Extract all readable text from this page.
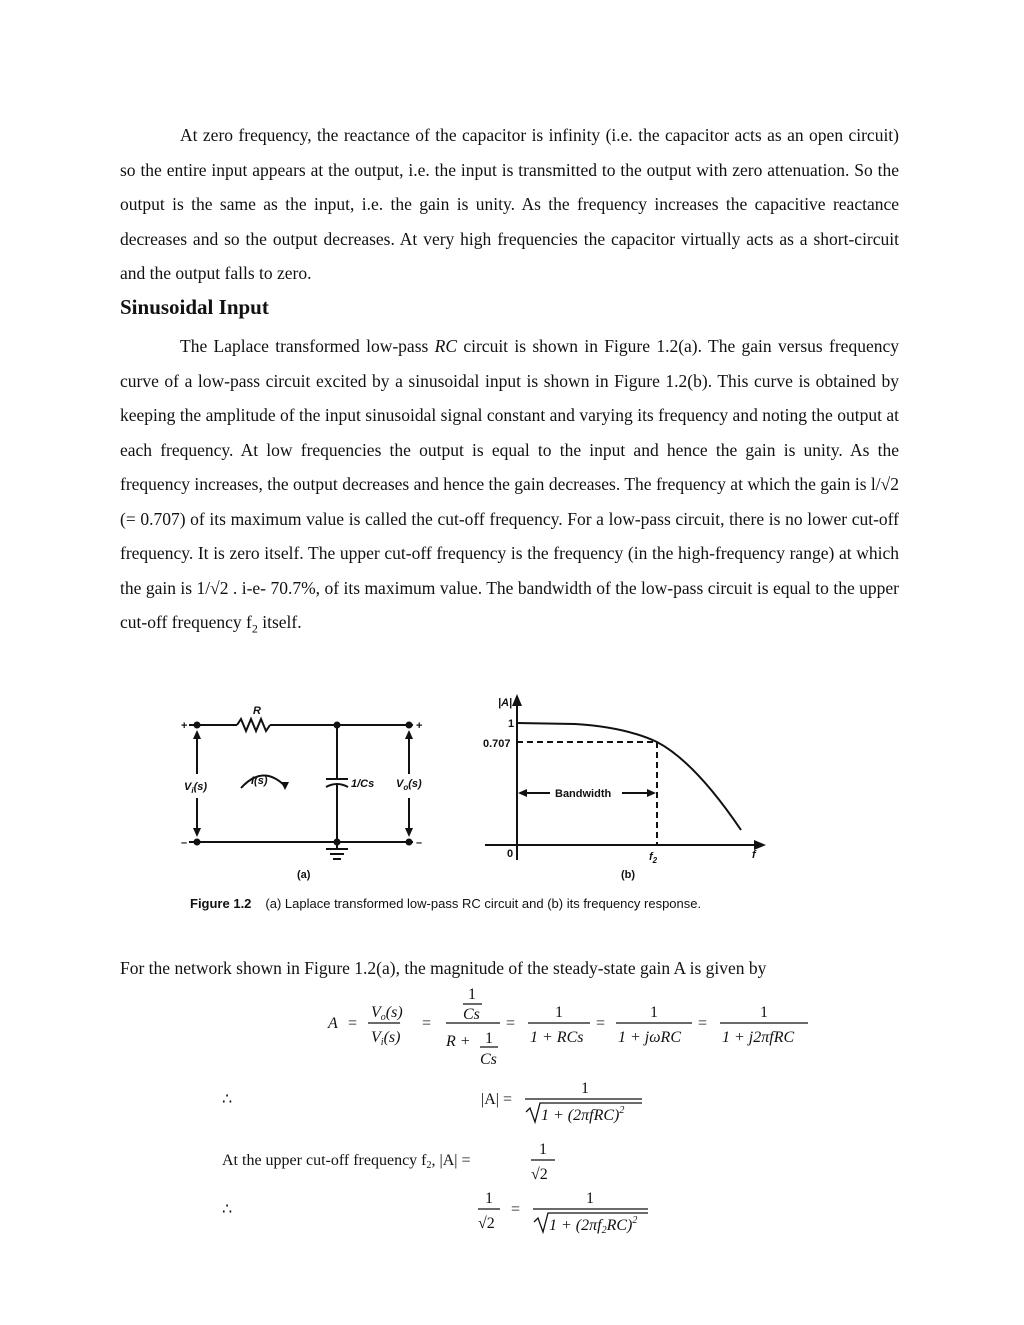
At zero frequency, the reactance of the capacitor is infinity (i.e. the capacitor acts as an open circuit) so the entire input appears at the output, i.e. the input is transmitted to the output with zero attenuation. So the output is the same as the input, i.e. the gain is unity. As the frequency increases the capacitive reactance decreases and so the output decreases. At very high frequencies the capacitor virtually acts as a short-circuit and the output falls to zero.

Sinusoidal Input

The Laplace transformed low-pass RC circuit is shown in Figure 1.2(a). The gain versus frequency curve of a low-pass circuit excited by a sinusoidal input is shown in Figure 1.2(b). This curve is obtained by keeping the amplitude of the input sinusoidal signal constant and varying its frequency and noting the output at each frequency. At low frequencies the output is equal to the input and hence the gain is unity. As the frequency increases, the output decreases and hence the gain decreases. The frequency at which the gain is l/√2 (= 0.707) of its maximum value is called the cut-off frequency. For a low-pass circuit, there is no lower cut-off frequency. It is zero itself. The upper cut-off frequency is the frequency (in the high-frequency range) at which the gain is 1/√2 . i-e- 70.7%, of its maximum value. The bandwidth of the low-pass circuit is equal to the upper cut-off frequency $f_2$ itself.

R
+	+
–	–
$V_i(s)$	I(s)	1/Cs $V_o(s)$
(a)
|A|
1
0.707
0
Bandwidth
$f_2$	f
(b)
Figure 1.2 (a) Laplace transformed low-pass RC circuit and (b) its frequency response.

For the network shown in Figure 1.2(a), the magnitude of the steady-state gain A is given by

A =
Vo(s)
Vi(s)
=
1
Cs
R + 1
Cs
=
1
1 + RCs
=
1
1 + jωRC
=
1
1 + j2πfRC
∴	|A| =
1
$1 + (2\pi fRC)^2$
At the upper cut-off frequency f2, |A| =
1
√2
∴
1
√2
=
1
$1 + (2\pi f2RC)^2$
